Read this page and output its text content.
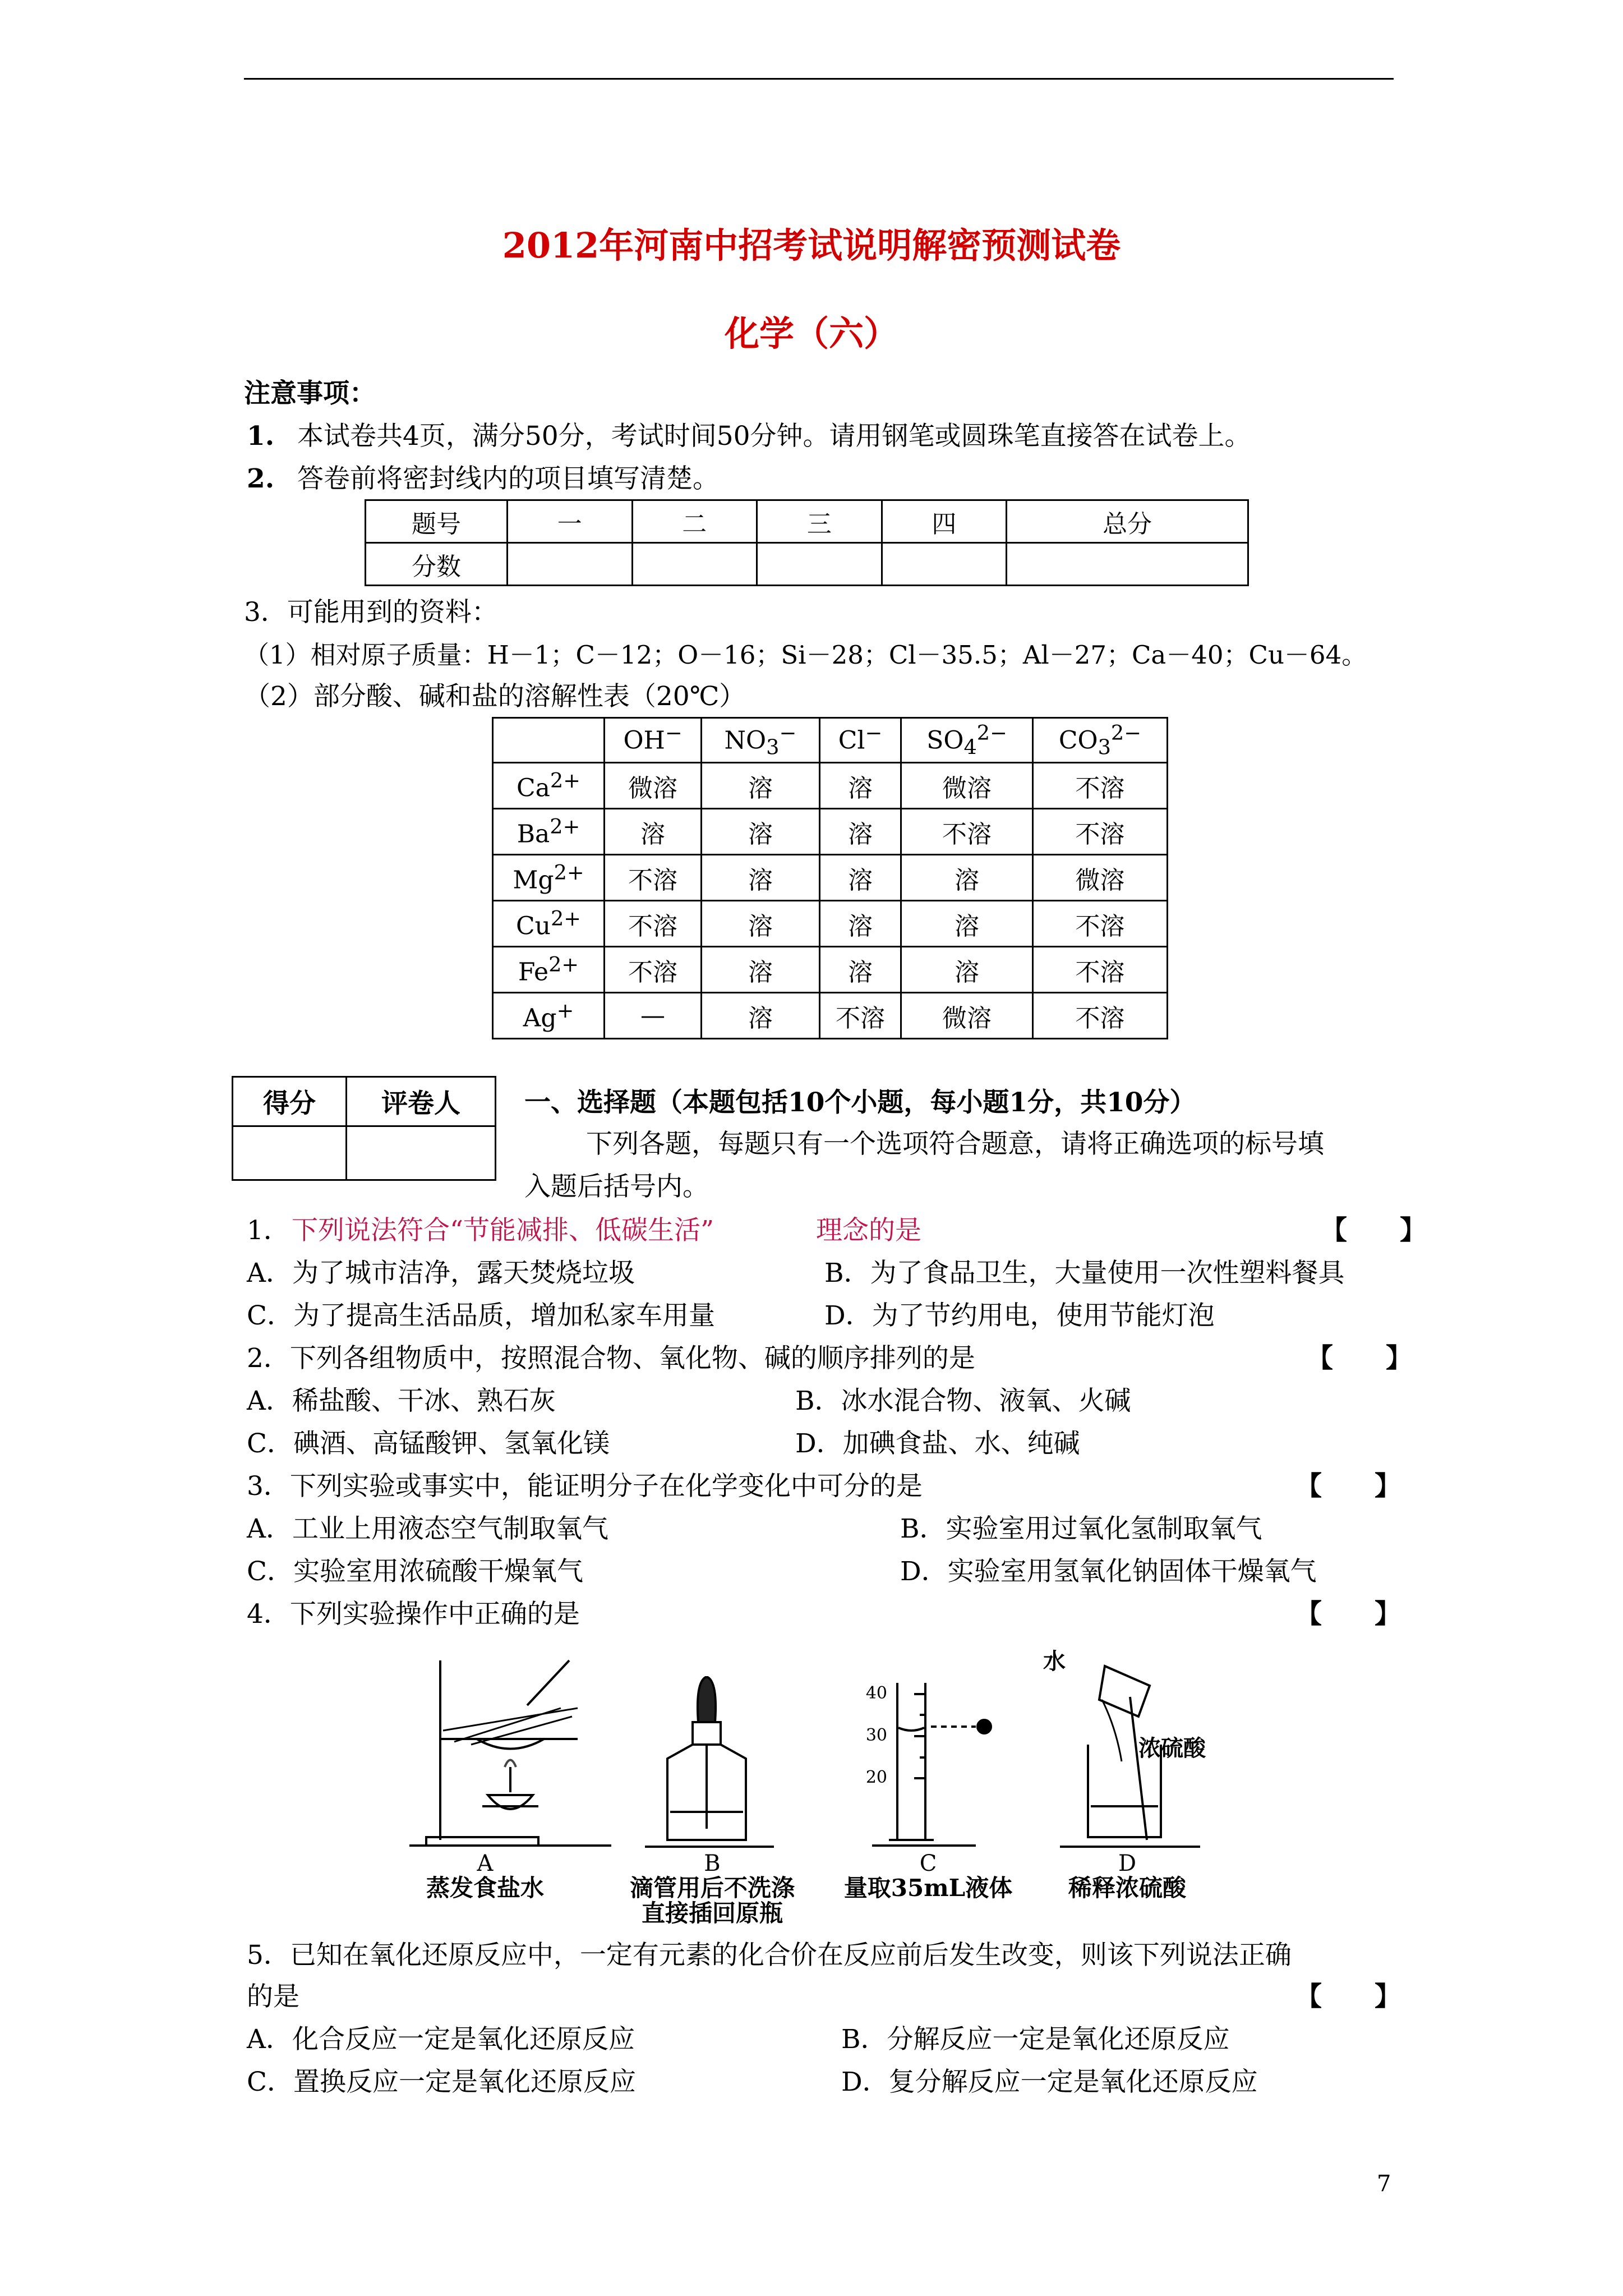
2012年河南中招考试说明解密预测试卷
化学（六）
注意事项：
1. 本试卷共4页，满分50分，考试时间50分钟。请用钢笔或圆珠笔直接答在试卷上。
2. 答卷前将密封线内的项目填写清楚。
题号	一	二	三	四	总分
分数					
3．可能用到的资料：
（1）相对原子质量：H－1；C－12；O－16；Si－28；Cl－35.5；Al－27；Ca－40；Cu－64。
（2）部分酸、碱和盐的溶解性表（20℃）
	OH−	$NO_3^-$	Cl−	$SO_4^{2-}$	$CO_3^{2-}$
$Ca^{2+}$	微溶	溶	溶	微溶	不溶
$Ba^{2+}$	溶	溶	溶	不溶	不溶
$Mg^{2+}$	不溶	溶	溶	溶	微溶
$Cu^{2+}$	不溶	溶	溶	溶	不溶
$Fe^{2+}$	不溶	溶	溶	溶	不溶
Ag+	—	溶	不溶	微溶	不溶
得分	评卷人
	一、选择题（本题包括10个小题，每小题1分，共10分）
下列各题，每题只有一个选项符合题意，请将正确选项的标号填
入题后括号内。
1． 下列说法符合“节能减排、低碳生活”	理念的是	【　　】
A．为了城市洁净，露天焚烧垃圾	B．为了食品卫生，大量使用一次性塑料餐具
C．为了提高生活品质，增加私家车用量	D．为了节约用电，使用节能灯泡
2．下列各组物质中，按照混合物、氧化物、碱的顺序排列的是	【　　】
A．稀盐酸、干冰、熟石灰	B．冰水混合物、液氧、火碱
C．碘酒、高锰酸钾、氢氧化镁	D．加碘食盐、水、纯碱
3．下列实验或事实中，能证明分子在化学变化中可分的是	【　　】
A．工业上用液态空气制取氧气	B．实验室用过氧化氢制取氧气
C．实验室用浓硫酸干燥氧气	D．实验室用氢氧化钠固体干燥氧气
4．下列实验操作中正确的是	【　　】
40
30
20
水
浓硫酸
A	B	C	D
蒸发食盐水	滴管用后不洗涤
直接插回原瓶
量取35mL液体 稀释浓硫酸
5．已知在氧化还原反应中，一定有元素的化合价在反应前后发生改变，则该下列说法正确
的是	【　　】
A．化合反应一定是氧化还原反应	B．分解反应一定是氧化还原反应
C．置换反应一定是氧化还原反应	D．复分解反应一定是氧化还原反应
7
